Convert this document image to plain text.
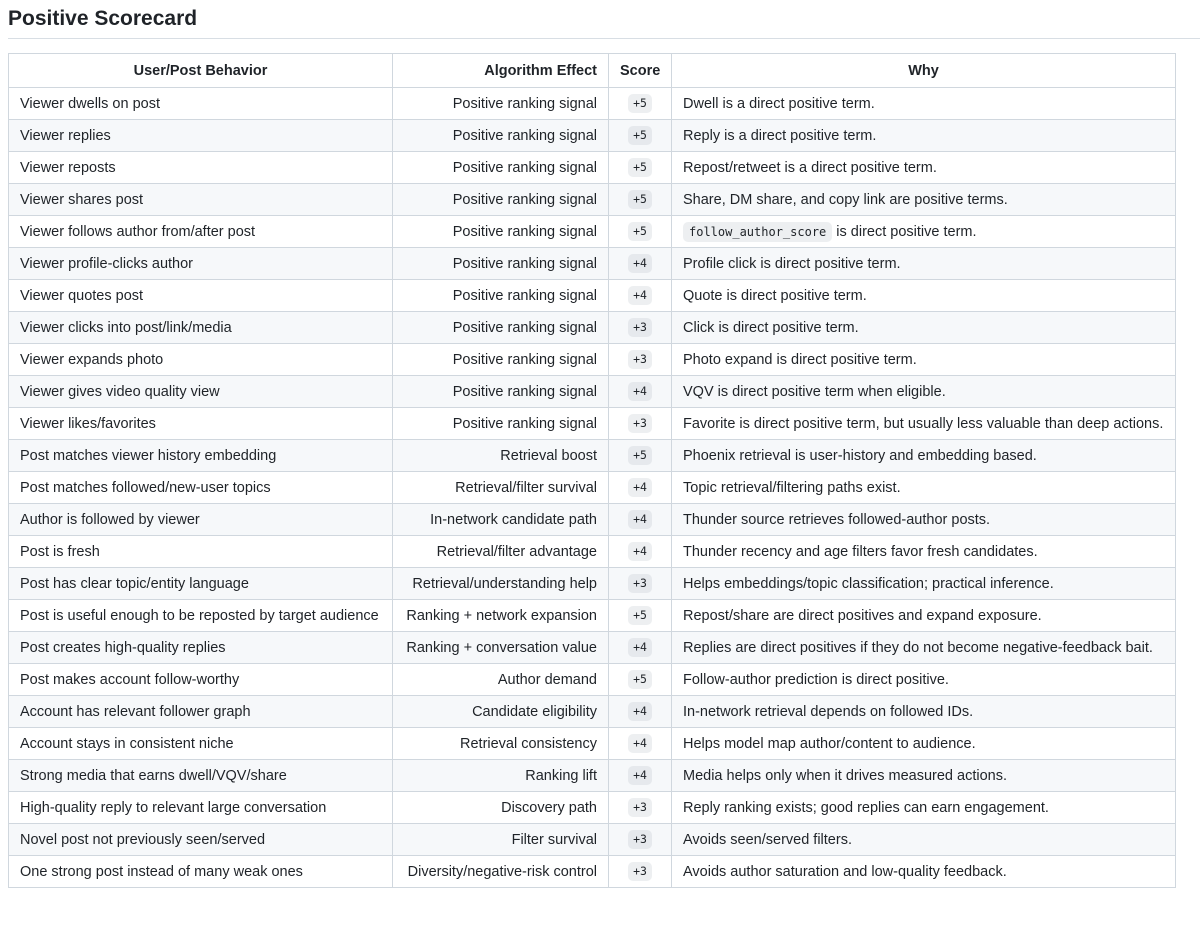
Positive Scorecard
User/Post Behavior	Algorithm Effect	Score	Why
Viewer dwells on post	Positive ranking signal	+5	Dwell is a direct positive term.
Viewer replies	Positive ranking signal	+5	Reply is a direct positive term.
Viewer reposts	Positive ranking signal	+5	Repost/retweet is a direct positive term.
Viewer shares post	Positive ranking signal	+5	Share, DM share, and copy link are positive terms.
Viewer follows author from/after post	Positive ranking signal	+5	follow_author_score is direct positive term.
Viewer profile-clicks author	Positive ranking signal	+4	Profile click is direct positive term.
Viewer quotes post	Positive ranking signal	+4	Quote is direct positive term.
Viewer clicks into post/link/media	Positive ranking signal	+3	Click is direct positive term.
Viewer expands photo	Positive ranking signal	+3	Photo expand is direct positive term.
Viewer gives video quality view	Positive ranking signal	+4	VQV is direct positive term when eligible.
Viewer likes/favorites	Positive ranking signal	+3	Favorite is direct positive term, but usually less valuable than deep actions.
Post matches viewer history embedding	Retrieval boost	+5	Phoenix retrieval is user-history and embedding based.
Post matches followed/new-user topics	Retrieval/filter survival	+4	Topic retrieval/filtering paths exist.
Author is followed by viewer	In-network candidate path	+4	Thunder source retrieves followed-author posts.
Post is fresh	Retrieval/filter advantage	+4	Thunder recency and age filters favor fresh candidates.
Post has clear topic/entity language	Retrieval/understanding help	+3	Helps embeddings/topic classification; practical inference.
Post is useful enough to be reposted by target audience	Ranking + network expansion	+5	Repost/share are direct positives and expand exposure.
Post creates high-quality replies	Ranking + conversation value	+4	Replies are direct positives if they do not become negative-feedback bait.
Post makes account follow-worthy	Author demand	+5	Follow-author prediction is direct positive.
Account has relevant follower graph	Candidate eligibility	+4	In-network retrieval depends on followed IDs.
Account stays in consistent niche	Retrieval consistency	+4	Helps model map author/content to audience.
Strong media that earns dwell/VQV/share	Ranking lift	+4	Media helps only when it drives measured actions.
High-quality reply to relevant large conversation	Discovery path	+3	Reply ranking exists; good replies can earn engagement.
Novel post not previously seen/served	Filter survival	+3	Avoids seen/served filters.
One strong post instead of many weak ones	Diversity/negative-risk control	+3	Avoids author saturation and low-quality feedback.
